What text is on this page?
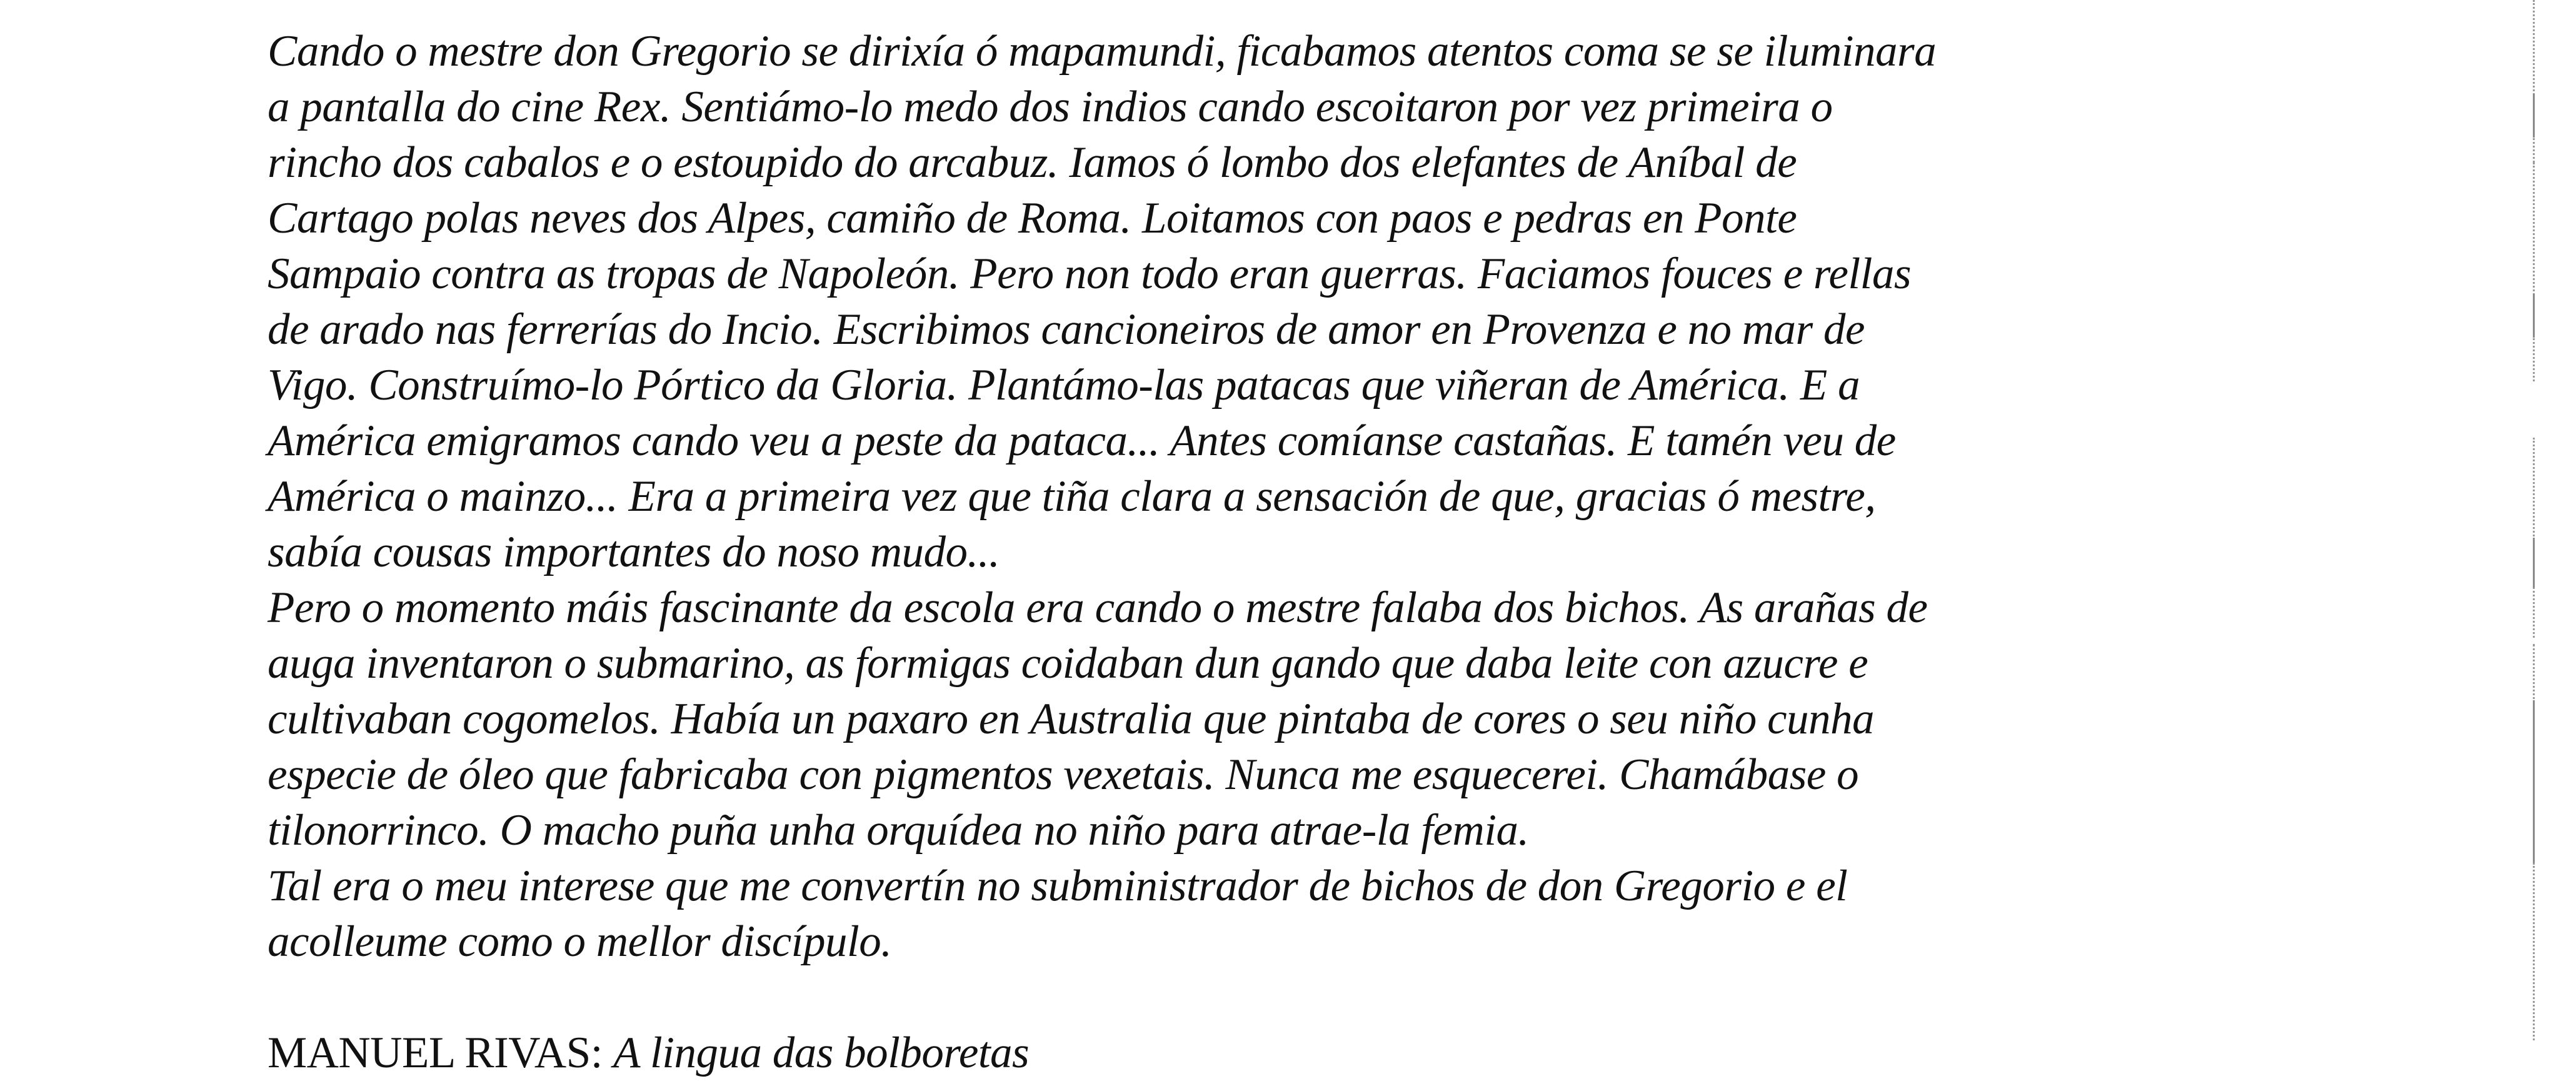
Cando o mestre don Gregorio se dirixía ó mapamundi, ficabamos atentos coma se se iluminara
a pantalla do cine Rex. Sentiámo-lo medo dos indios cando escoitaron por vez primeira o
rincho dos cabalos e o estoupido do arcabuz. Iamos ó lombo dos elefantes de Aníbal de
Cartago polas neves dos Alpes, camiño de Roma. Loitamos con paos e pedras en Ponte
Sampaio contra as tropas de Napoleón. Pero non todo eran guerras. Faciamos fouces e rellas
de arado nas ferrerías do Incio. Escribimos cancioneiros de amor en Provenza e no mar de
Vigo. Construímo-lo Pórtico da Gloria. Plantámo-las patacas que viñeran de América. E a
América emigramos cando veu a peste da pataca... Antes comíanse castañas. E tamén veu de
América o mainzo... Era a primeira vez que tiña clara a sensación de que, gracias ó mestre,
sabía cousas importantes do noso mudo...
Pero o momento máis fascinante da escola era cando o mestre falaba dos bichos. As arañas de
auga inventaron o submarino, as formigas coidaban dun gando que daba leite con azucre e
cultivaban cogomelos. Había un paxaro en Australia que pintaba de cores o seu niño cunha
especie de óleo que fabricaba con pigmentos vexetais. Nunca me esquecerei. Chamábase o
tilonorrinco. O macho puña unha orquídea no niño para atrae-la femia.
Tal era o meu interese que me convertín no subministrador de bichos de don Gregorio e el
acolleume como o mellor discípulo.
MANUEL RIVAS: A lingua das bolboretas
